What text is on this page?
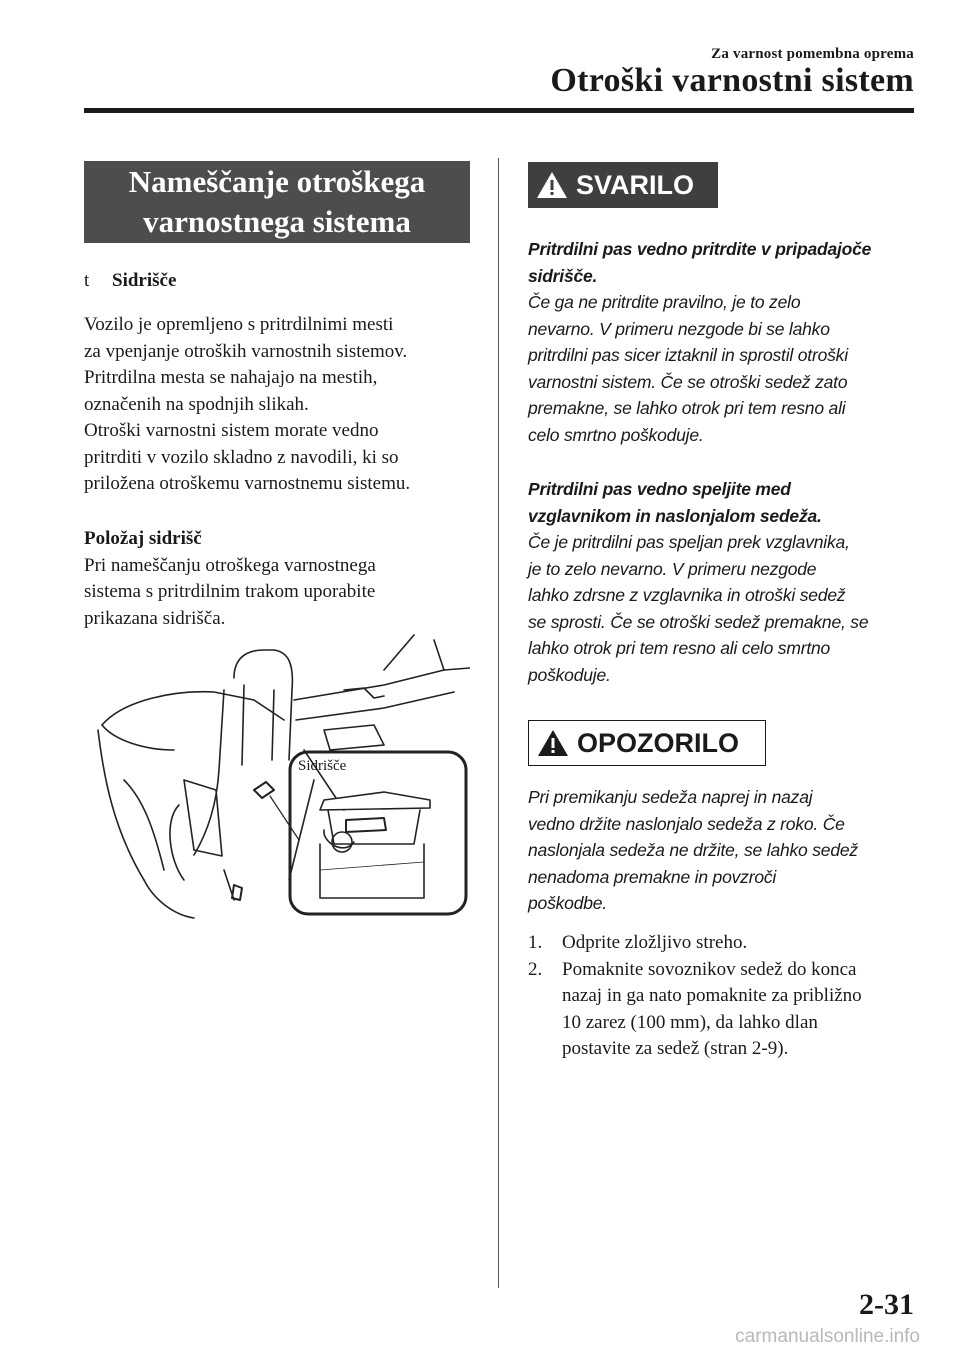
Za varnost pomembna oprema
Otroški varnostni sistem
Nameščanje otroškega
varnostnega sistema
t Sidrišče

Vozilo je opremljeno s pritrdilnimi mesti

za vpenjanje otroških varnostnih sistemov.

Pritrdilna mesta se nahajajo na mestih,

označenih na spodnjih slikah.

Otroški varnostni sistem morate vedno

pritrditi v vozilo skladno z navodili, ki so

priložena otroškemu varnostnemu sistemu.

Položaj sidrišč

Pri nameščanju otroškega varnostnega

sistema s pritrdilnim trakom uporabite

prikazana sidrišča.

Sidrišče
SVARILO

Pritrdilni pas vedno pritrdite v pripadajoče

sidrišče.

Če ga ne pritrdite pravilno, je to zelo

nevarno. V primeru nezgode bi se lahko

pritrdilni pas sicer iztaknil in sprostil otroški

varnostni sistem. Če se otroški sedež zato

premakne, se lahko otrok pri tem resno ali

celo smrtno poškoduje.

Pritrdilni pas vedno speljite med

vzglavnikom in naslonjalom sedeža.

Če je pritrdilni pas speljan prek vzglavnika,

je to zelo nevarno. V primeru nezgode

lahko zdrsne z vzglavnika in otroški sedež

se sprosti. Če se otroški sedež premakne, se

lahko otrok pri tem resno ali celo smrtno

poškoduje.

OPOZORILO

Pri premikanju sedeža naprej in nazaj

vedno držite naslonjalo sedeža z roko. Če

naslonjala sedeža ne držite, se lahko sedež

nenadoma premakne in povzroči

poškodbe.

1.	Odprite zložljivo streho.
2.	Pomaknite sovoznikov sedež do konca
nazaj in ga nato pomaknite za približno
10 zarez (100 mm), da lahko dlan
postavite za sedež (stran 2-9).
2-31
carmanualsonline.info
